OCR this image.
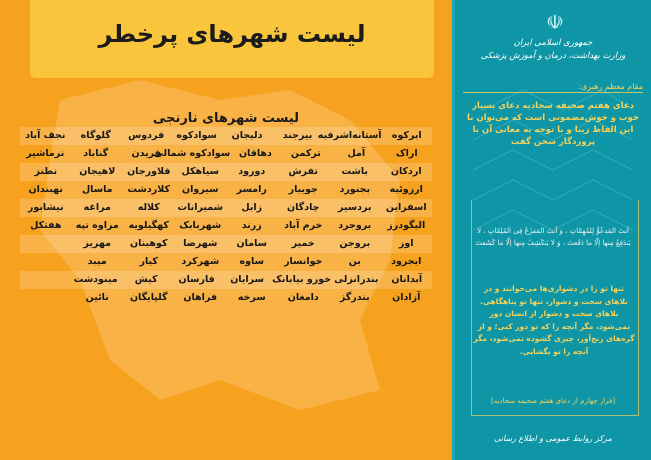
لیست شهرهای پرخطر
لیست شهرهای نارنجی
ابرکوه
آستانه‌اشرفیه
بیرجند
دلیجان
سوادکوه
فردوس
گلوگاه
نجف آباد
اراک
آمل
ترکمن
دهاقان
سوادکوه شمالی
فریدن
گناباد
نرماشیر
اردکان
باشت
تفرش
دورود
سیاهکل
فلاورجان
لاهیجان
نطنز
ارزوئیه
بجنورد
جویبار
رامسر
سیروان
کلاردشت
ماسال
نهبندان
اسفراین
بردسیر
چادگان
زابل
شمیرانات
کلاله
مراغه
نیشابور
الیگودرز
بروجرد
خرم آباد
زرند
شهربابک
کهگیلویه
مراوه تپه
هفتکل
اوز
بروجن
خمیر
سامان
شهرضا
کوهبنان
مهریز
ایجرود
بن
خوانسار
ساوه
شهرکرد
کیار
میبد
آبدانان
بندرانزلی
خورو بیابانک
سرایان
فارسان
کیش
مینودشت
آزادان
بندرگز
دامغان
سرخه
فراهان
گلپایگان
نائین
☫
جمهوری اسلامی ایران
وزارت بهداشت، درمان و آموزش پزشکی
مقام معظم رهبری:
دعای هفتم صحیفه سجادیه دعای بسیار خوب و خوش‌مضمونی است که می‌توان با این الفاظ زیبا و با توجه به معانی آن با پروردگار سخن گفت
اَنتَ المَدعُوُّ لِلمُهِمّاتِ ، وَ اَنتَ المَفزَعُ فِی المُلِمّاتِ ، لا یَندَفِعُ مِنها اِلّا ما دَفَعتَ ، وَ لا یَنکَشِفُ مِنها اِلّا ما کَشَفتَ
تنها تو را در دشواری‌ها می‌خوانند و در بلاهای سخت و دشوار، تنها تو پناهگاهی. بلاهای سخت و دشوار از انسان دور نمی‌شود، مگر آنچه را که تو دور کنی؛ و از گره‌های رنج‌آور، چیزی گشوده نمی‌شود، مگر آنچه را تو بگشایی.
[فراز چهارم از دعای هفتم صحیفه سجادیه]
مرکز روابط عمومی و اطلاع رسانی
